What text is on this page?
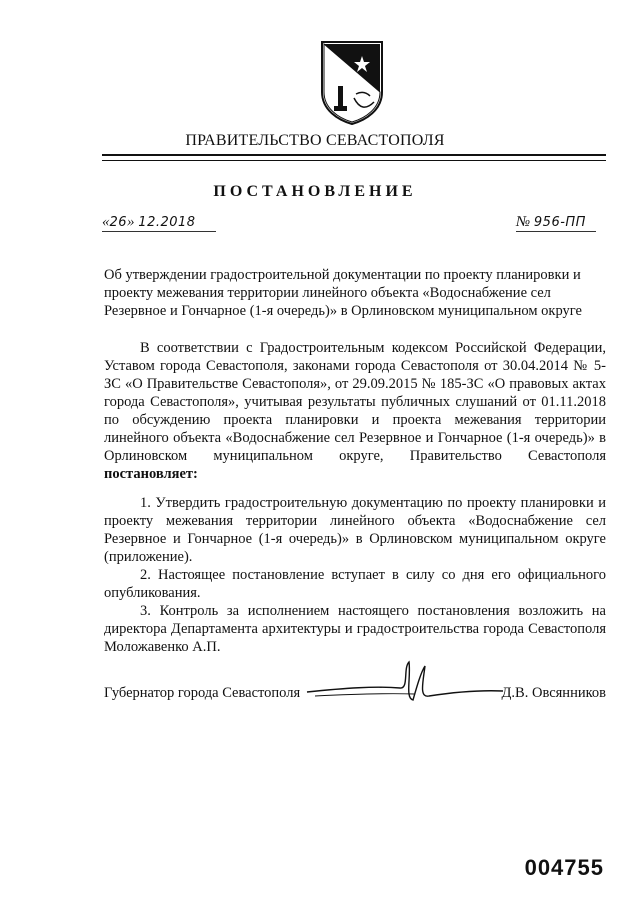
ПРАВИТЕЛЬСТВО СЕВАСТОПОЛЯ
ПОСТАНОВЛЕНИЕ
«26» 12.2018	№ 956-ПП
Об утверждении градостроительной документации по проекту планировки и проекту межевания территории линейного объекта «Водоснабжение сел Резервное и Гончарное (1-я очередь)» в Орлиновском муниципальном округе
В соответствии с Градостроительным кодексом Российской Федерации, Уставом города Севастополя, законами города Севастополя от 30.04.2014 № 5-ЗС «О Правительстве Севастополя», от 29.09.2015 № 185-ЗС «О правовых актах города Севастополя», учитывая результаты публичных слушаний от 01.11.2018 по обсуждению проекта планировки и проекта межевания территории линейного объекта «Водоснабжение сел Резервное и Гончарное (1-я очередь)» в Орлиновском муниципальном округе, Правительство Севастополя постановляет:

1. Утвердить градостроительную документацию по проекту планировки и проекту межевания территории линейного объекта «Водоснабжение сел Резервное и Гончарное (1-я очередь)» в Орлиновском муниципальном округе (приложение).

2. Настоящее постановление вступает в силу со дня его официального опубликования.

3. Контроль за исполнением настоящего постановления возложить на директора Департамента архитектуры и градостроительства города Севастополя Моложавенко А.П.

Губернатор города Севастополя	Д.В. Овсянников
004755
